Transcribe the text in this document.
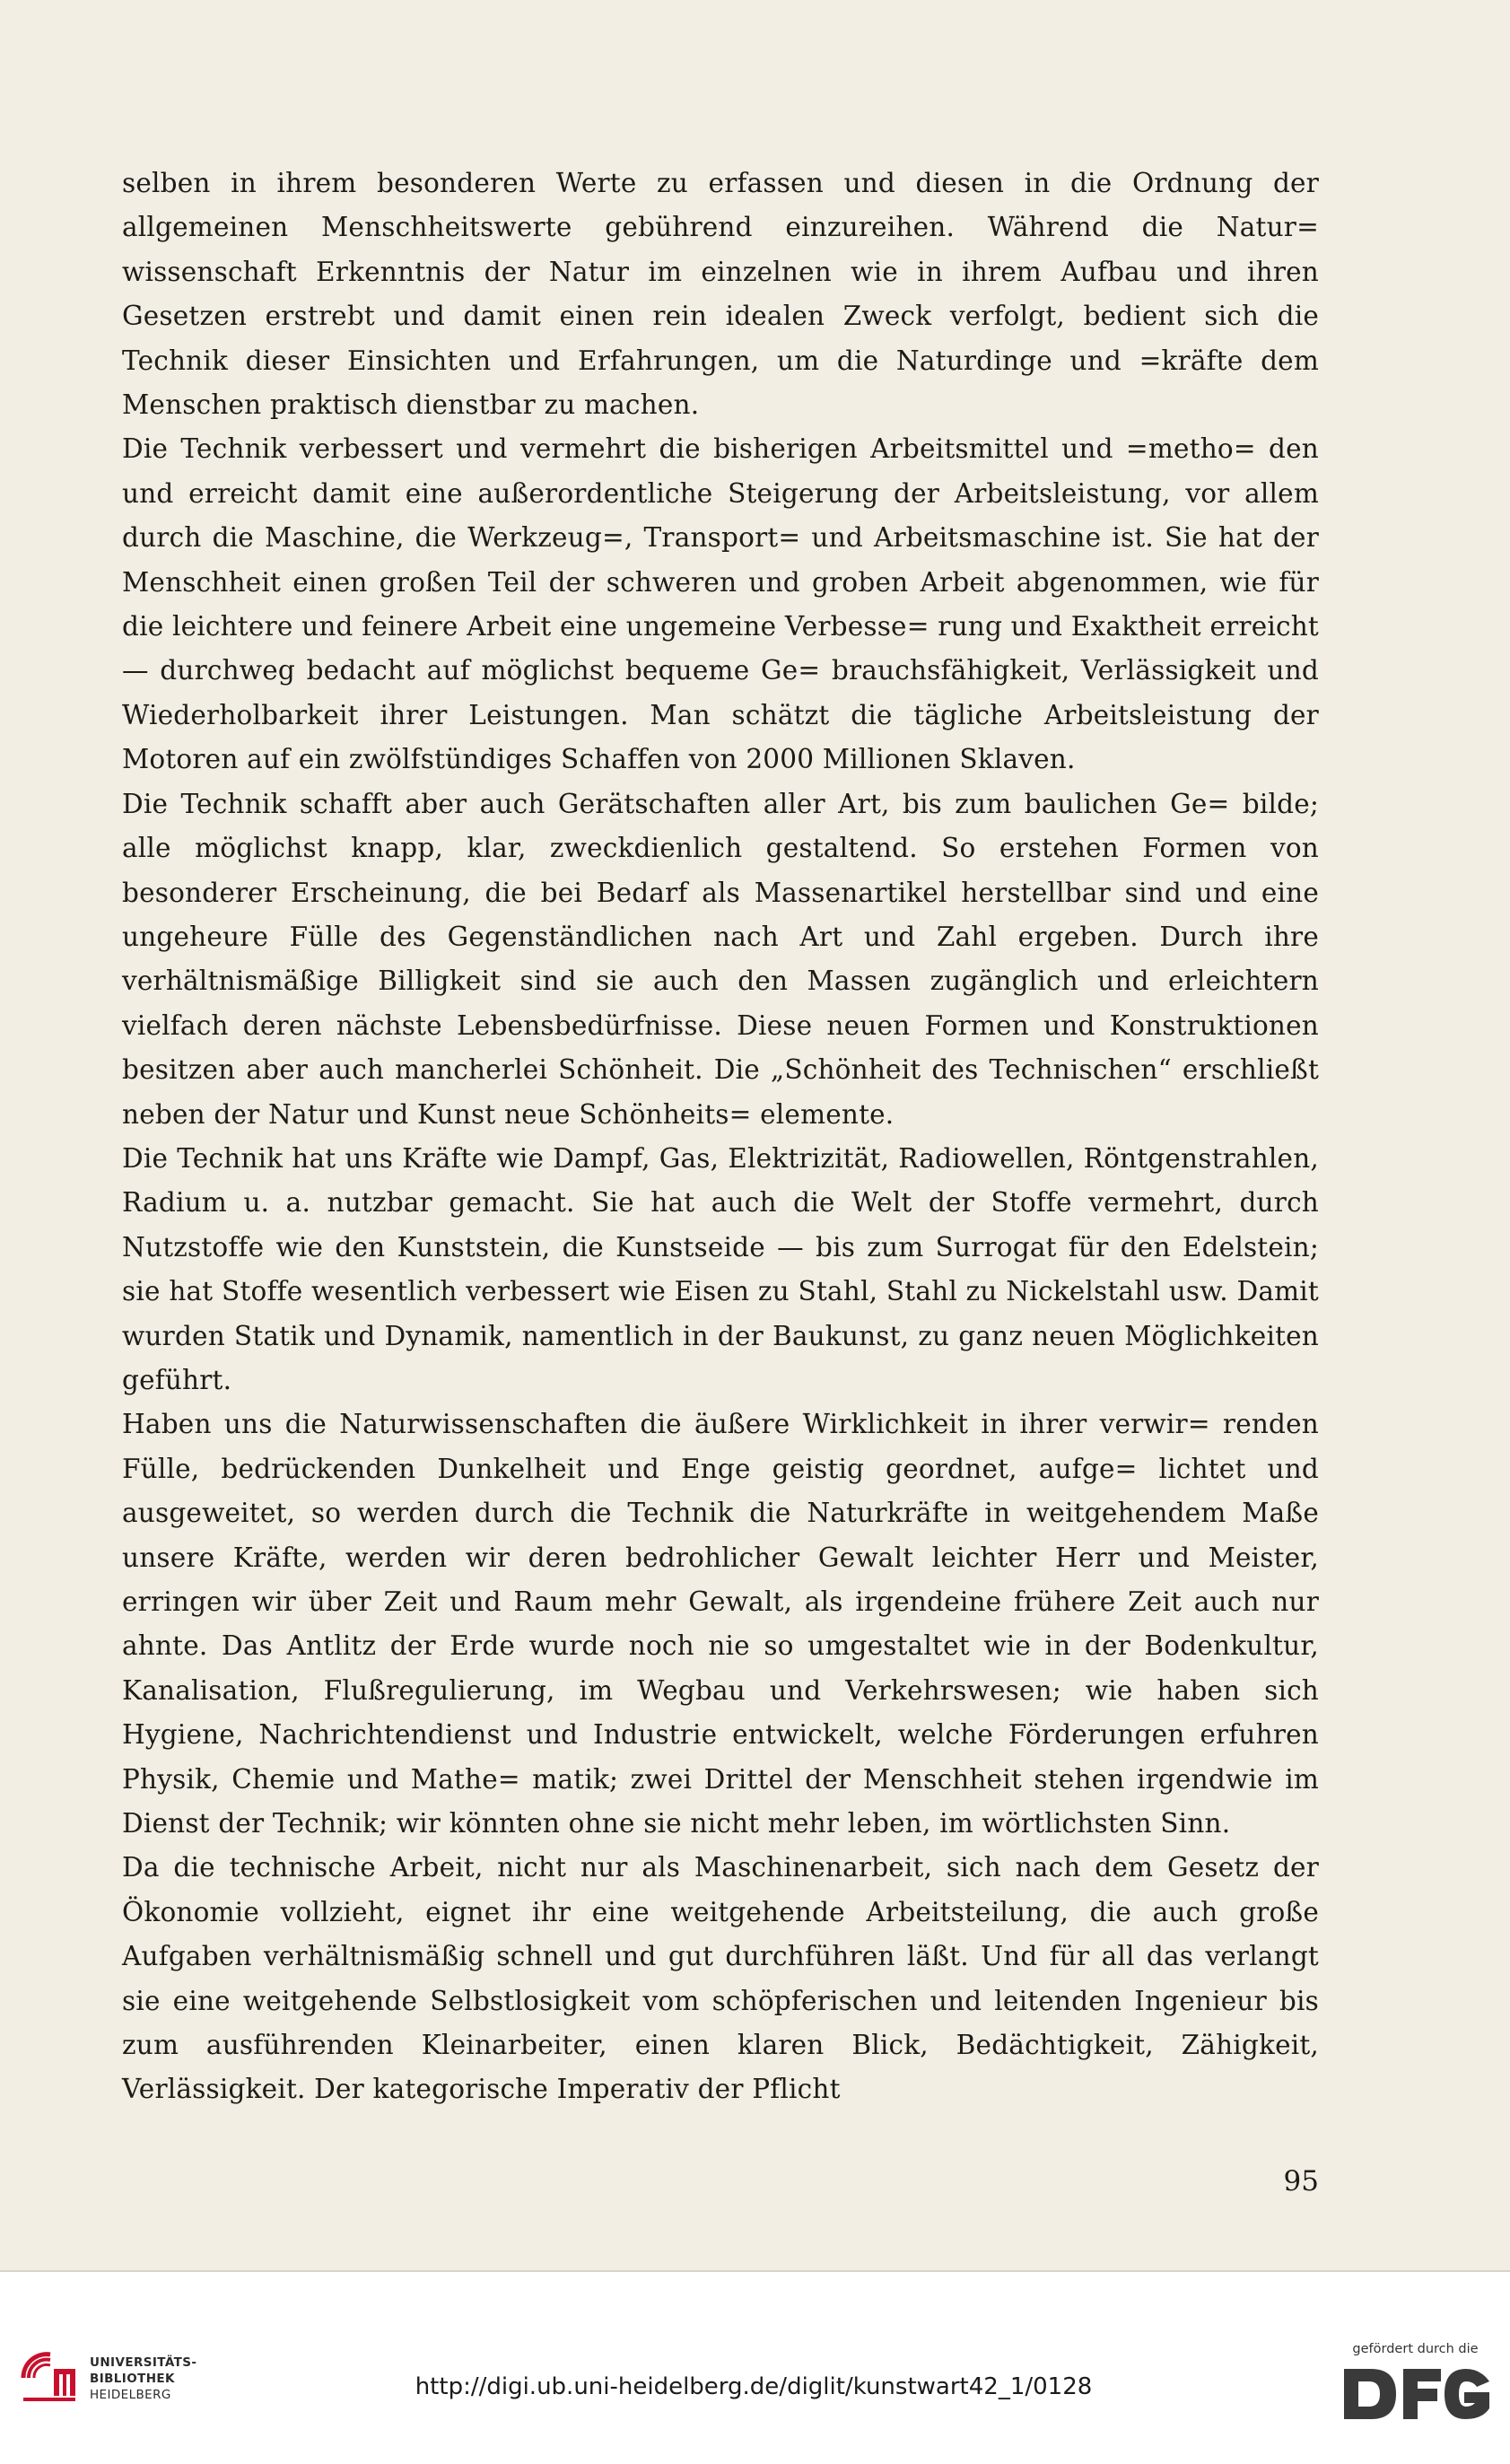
selben in ihrem besonderen Werte zu erfassen und diesen in die Ordnung der allgemeinen Menschheitswerte gebührend einzureihen. Während die Natur= wissenschaft Erkenntnis der Natur im einzelnen wie in ihrem Aufbau und ihren Gesetzen erstrebt und damit einen rein idealen Zweck verfolgt, bedient sich die Technik dieser Einsichten und Erfahrungen, um die Naturdinge und =kräfte dem Menschen praktisch dienstbar zu machen.

Die Technik verbessert und vermehrt die bisherigen Arbeitsmittel und =metho= den und erreicht damit eine außerordentliche Steigerung der Arbeitsleistung, vor allem durch die Maschine, die Werkzeug=, Transport= und Arbeitsmaschine ist. Sie hat der Menschheit einen großen Teil der schweren und groben Arbeit abgenommen, wie für die leichtere und feinere Arbeit eine ungemeine Verbesse= rung und Exaktheit erreicht — durchweg bedacht auf möglichst bequeme Ge= brauchsfähigkeit, Verlässigkeit und Wiederholbarkeit ihrer Leistungen. Man schätzt die tägliche Arbeitsleistung der Motoren auf ein zwölfstündiges Schaffen von 2000 Millionen Sklaven.

Die Technik schafft aber auch Gerätschaften aller Art, bis zum baulichen Ge= bilde; alle möglichst knapp, klar, zweckdienlich gestaltend. So erstehen Formen von besonderer Erscheinung, die bei Bedarf als Massenartikel herstellbar sind und eine ungeheure Fülle des Gegenständlichen nach Art und Zahl ergeben. Durch ihre verhältnismäßige Billigkeit sind sie auch den Massen zugänglich und erleichtern vielfach deren nächste Lebensbedürfnisse. Diese neuen Formen und Konstruktionen besitzen aber auch mancherlei Schönheit. Die „Schönheit des Technischen“ erschließt neben der Natur und Kunst neue Schönheits= elemente.

Die Technik hat uns Kräfte wie Dampf, Gas, Elektrizität, Radiowellen, Röntgenstrahlen, Radium u. a. nutzbar gemacht. Sie hat auch die Welt der Stoffe vermehrt, durch Nutzstoffe wie den Kunststein, die Kunstseide — bis zum Surrogat für den Edelstein; sie hat Stoffe wesentlich verbessert wie Eisen zu Stahl, Stahl zu Nickelstahl usw. Damit wurden Statik und Dynamik, namentlich in der Baukunst, zu ganz neuen Möglichkeiten geführt.

Haben uns die Naturwissenschaften die äußere Wirklichkeit in ihrer verwir= renden Fülle, bedrückenden Dunkelheit und Enge geistig geordnet, aufge= lichtet und ausgeweitet, so werden durch die Technik die Naturkräfte in weitgehendem Maße unsere Kräfte, werden wir deren bedrohlicher Gewalt leichter Herr und Meister, erringen wir über Zeit und Raum mehr Gewalt, als irgendeine frühere Zeit auch nur ahnte. Das Antlitz der Erde wurde noch nie so umgestaltet wie in der Bodenkultur, Kanalisation, Flußregulierung, im Wegbau und Verkehrswesen; wie haben sich Hygiene, Nachrichtendienst und Industrie entwickelt, welche Förderungen erfuhren Physik, Chemie und Mathe= matik; zwei Drittel der Menschheit stehen irgendwie im Dienst der Technik; wir könnten ohne sie nicht mehr leben, im wörtlichsten Sinn.

Da die technische Arbeit, nicht nur als Maschinenarbeit, sich nach dem Gesetz der Ökonomie vollzieht, eignet ihr eine weitgehende Arbeitsteilung, die auch große Aufgaben verhältnismäßig schnell und gut durchführen läßt. Und für all das verlangt sie eine weitgehende Selbstlosigkeit vom schöpferischen und leitenden Ingenieur bis zum ausführenden Kleinarbeiter, einen klaren Blick, Bedächtigkeit, Zähigkeit, Verlässigkeit. Der kategorische Imperativ der Pflicht

95
UNIVERSITÄTS-
BIBLIOTHEK
HEIDELBERG	http://digi.ub.uni-heidelberg.de/diglit/kunstwart42_1/0128
gefördert durch die
